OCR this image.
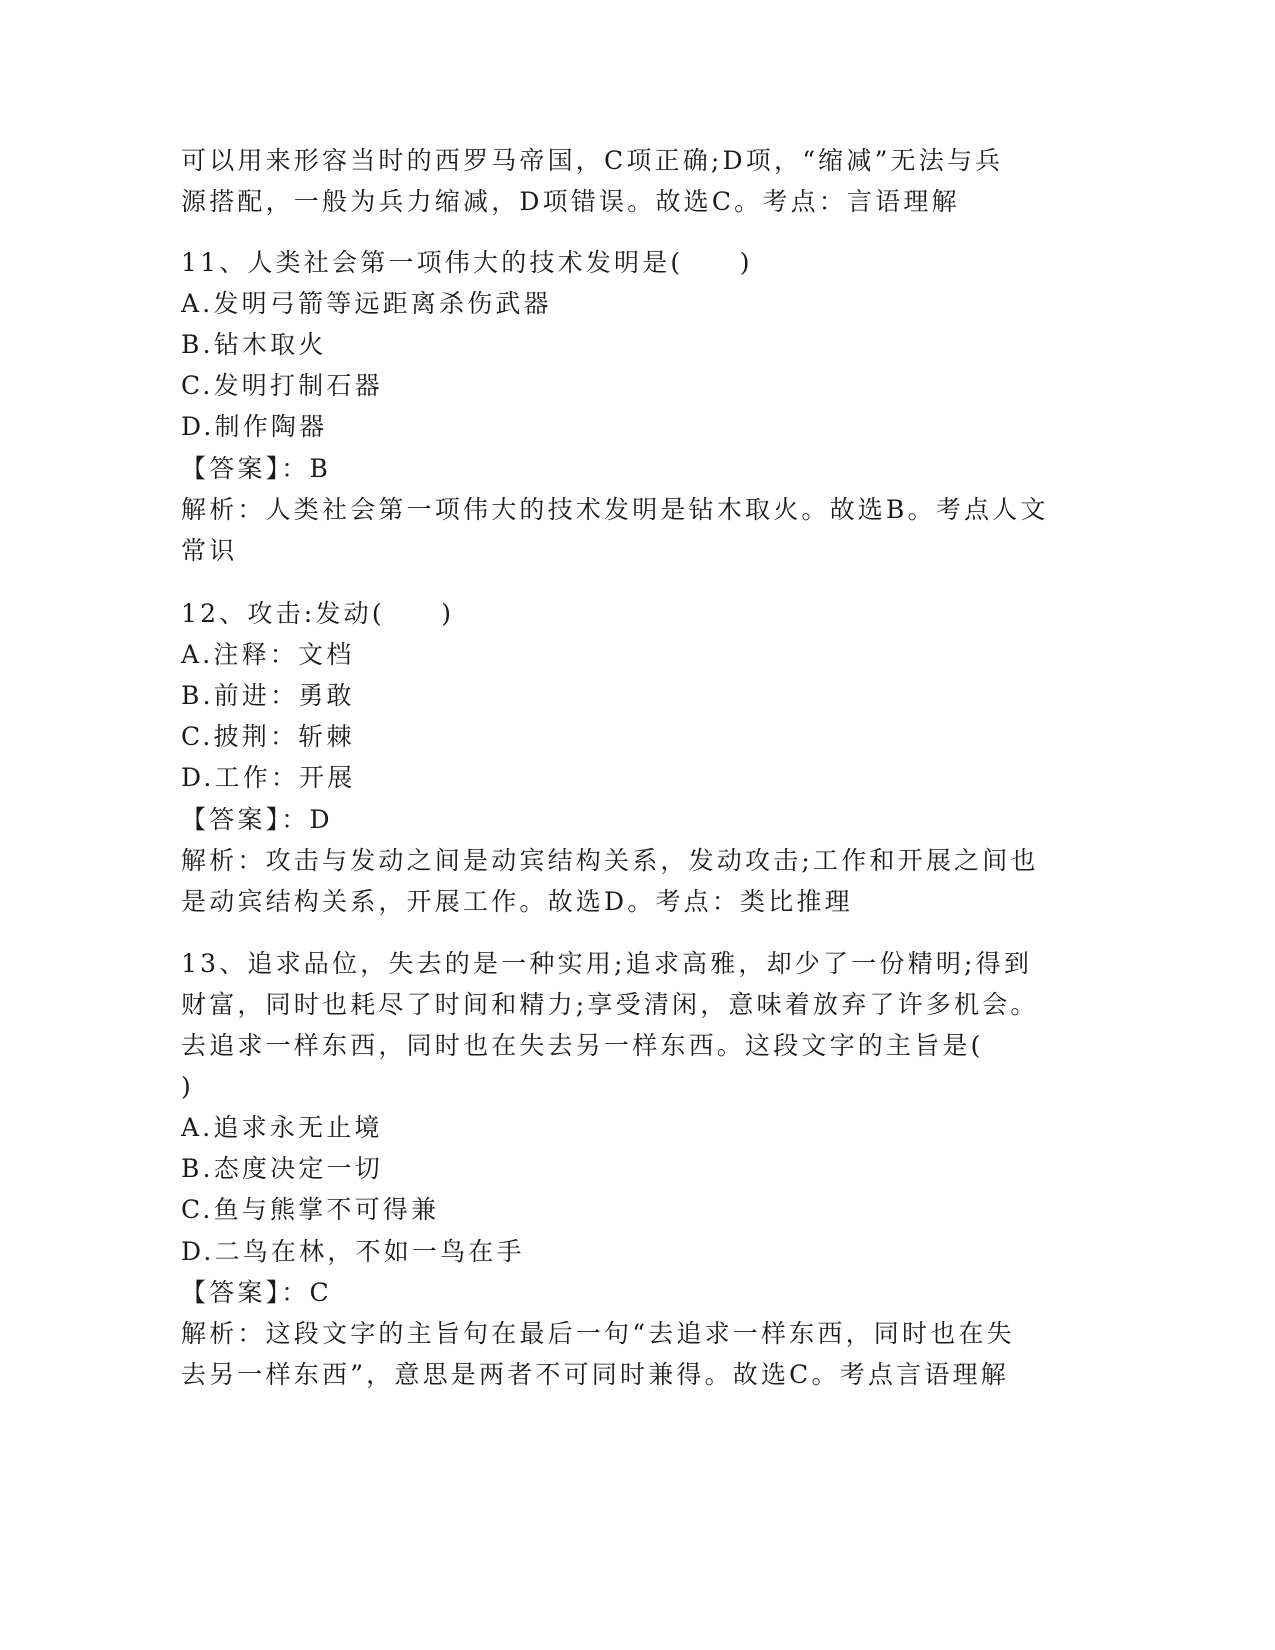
可以用来形容当时的西罗马帝国，C项正确;D项，“缩减”无法与兵
源搭配，一般为兵力缩减，D项错误。故选C。考点：言语理解
11、人类社会第一项伟大的技术发明是(　　)
A.发明弓箭等远距离杀伤武器
B.钻木取火
C.发明打制石器
D.制作陶器
【答案】：B
解析：人类社会第一项伟大的技术发明是钻木取火。故选B。考点人文
常识
12、攻击:发动(　　)
A.注释：文档
B.前进：勇敢
C.披荆：斩棘
D.工作：开展
【答案】：D
解析：攻击与发动之间是动宾结构关系，发动攻击;工作和开展之间也
是动宾结构关系，开展工作。故选D。考点：类比推理
13、追求品位，失去的是一种实用;追求高雅，却少了一份精明;得到
财富，同时也耗尽了时间和精力;享受清闲，意味着放弃了许多机会。
去追求一样东西，同时也在失去另一样东西。这段文字的主旨是(
)
A.追求永无止境
B.态度决定一切
C.鱼与熊掌不可得兼
D.二鸟在林，不如一鸟在手
【答案】：C
解析：这段文字的主旨句在最后一句“去追求一样东西，同时也在失
去另一样东西”，意思是两者不可同时兼得。故选C。考点言语理解
